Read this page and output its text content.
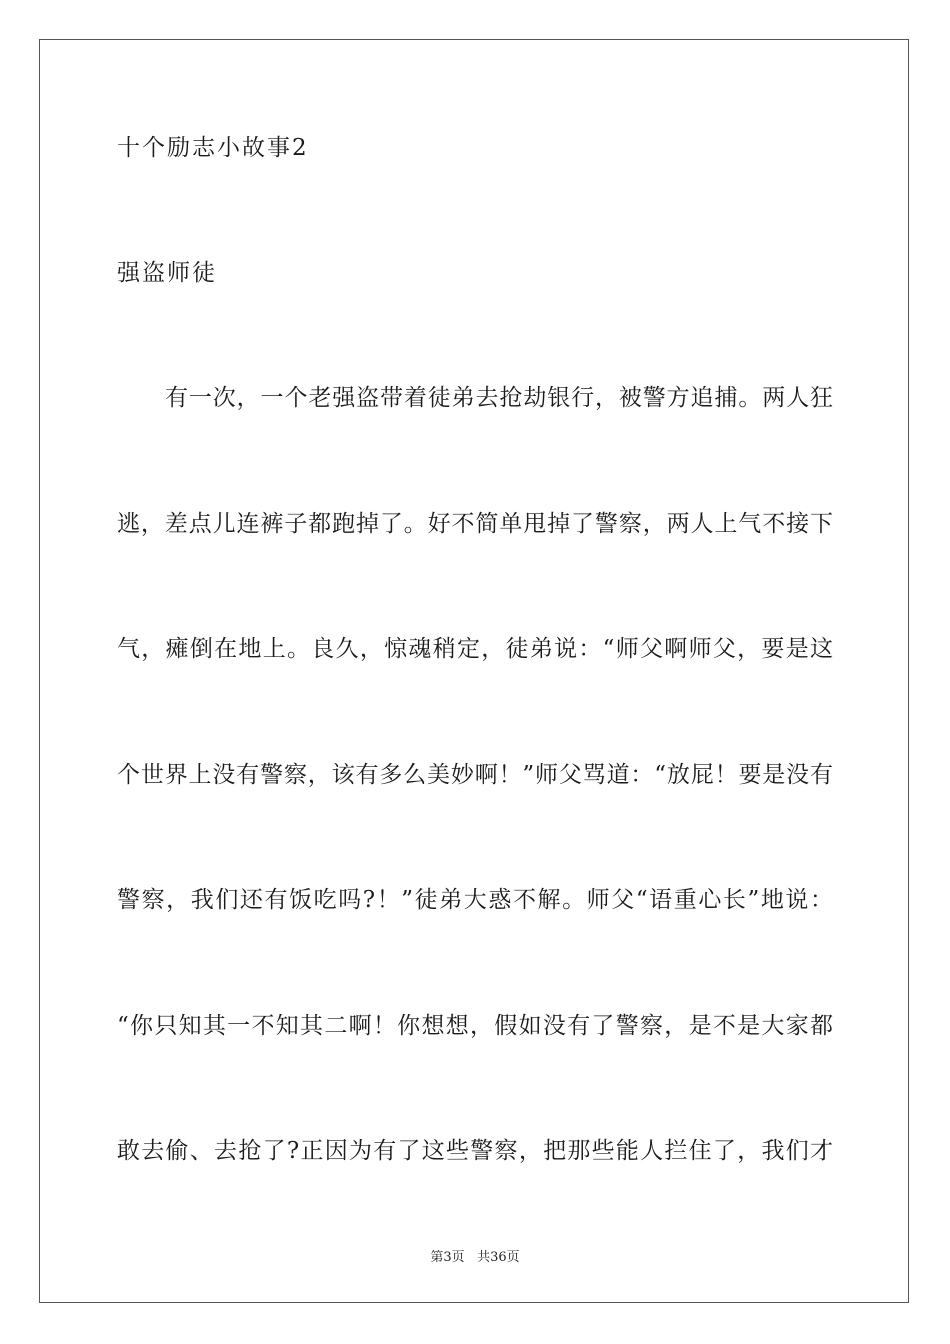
十个励志小故事2
强盗师徒
有一次，一个老强盗带着徒弟去抢劫银行，被警方追捕。两人狂
逃，差点儿连裤子都跑掉了。好不简单甩掉了警察，两人上气不接下
气，瘫倒在地上。良久，惊魂稍定，徒弟说：“师父啊师父，要是这
个世界上没有警察，该有多么美妙啊！”师父骂道：“放屁！要是没有
警察，我们还有饭吃吗?！”徒弟大惑不解。师父“语重心长”地说：
“你只知其一不知其二啊！你想想，假如没有了警察，是不是大家都
敢去偷、去抢了?正因为有了这些警察，把那些能人拦住了，我们才
第3页 共36页
